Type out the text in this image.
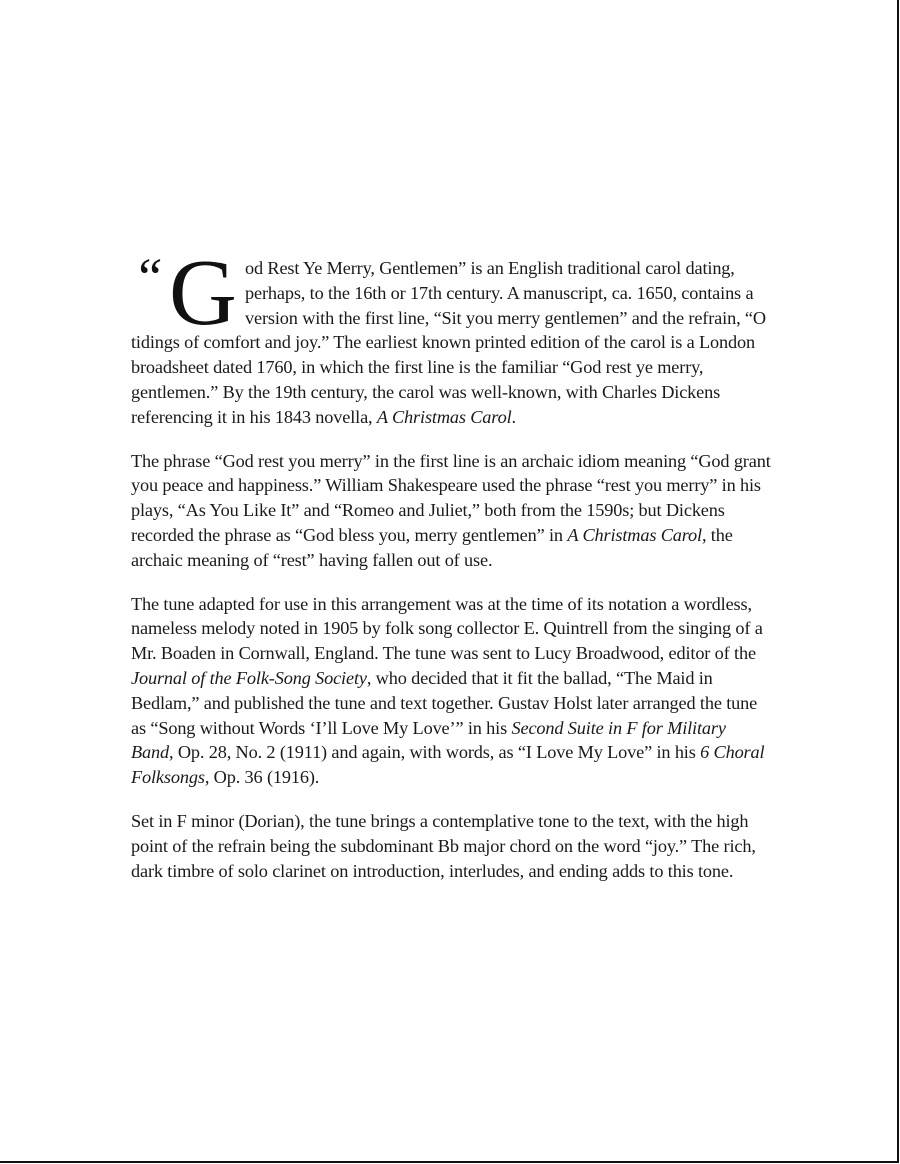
“ G od Rest Ye Merry, Gentlemen” is an English traditional carol dating, perhaps, to the 16th or 17th century. A manuscript, ca. 1650, contains a version with the first line, “Sit you merry gentlemen” and the refrain, “O tidings of comfort and joy.” The earliest known printed edition of the carol is a London broadsheet dated 1760, in which the first line is the familiar “God rest ye merry, gentlemen.” By the 19th century, the carol was well-known, with Charles Dickens referencing it in his 1843 novella, A Christmas Carol.

The phrase “God rest you merry” in the first line is an archaic idiom meaning “God grant you peace and happiness.” William Shakespeare used the phrase “rest you merry” in his plays, “As You Like It” and “Romeo and Juliet,” both from the 1590s; but Dickens recorded the phrase as “God bless you, merry gentlemen” in A Christmas Carol, the archaic meaning of “rest” having fallen out of use.

The tune adapted for use in this arrangement was at the time of its notation a wordless, nameless melody noted in 1905 by folk song collector E. Quintrell from the singing of a Mr. Boaden in Cornwall, England. The tune was sent to Lucy Broadwood, editor of the Journal of the Folk-Song Society, who decided that it fit the ballad, “The Maid in Bedlam,” and published the tune and text together. Gustav Holst later arranged the tune as “Song without Words ‘I’ll Love My Love’” in his Second Suite in F for Military Band, Op. 28, No. 2 (1911) and again, with words, as “I Love My Love” in his 6 Choral Folksongs, Op. 36 (1916).

Set in F minor (Dorian), the tune brings a contemplative tone to the text, with the high point of the refrain being the subdominant Bb major chord on the word “joy.” The rich, dark timbre of solo clarinet on introduction, interludes, and ending adds to this tone.
